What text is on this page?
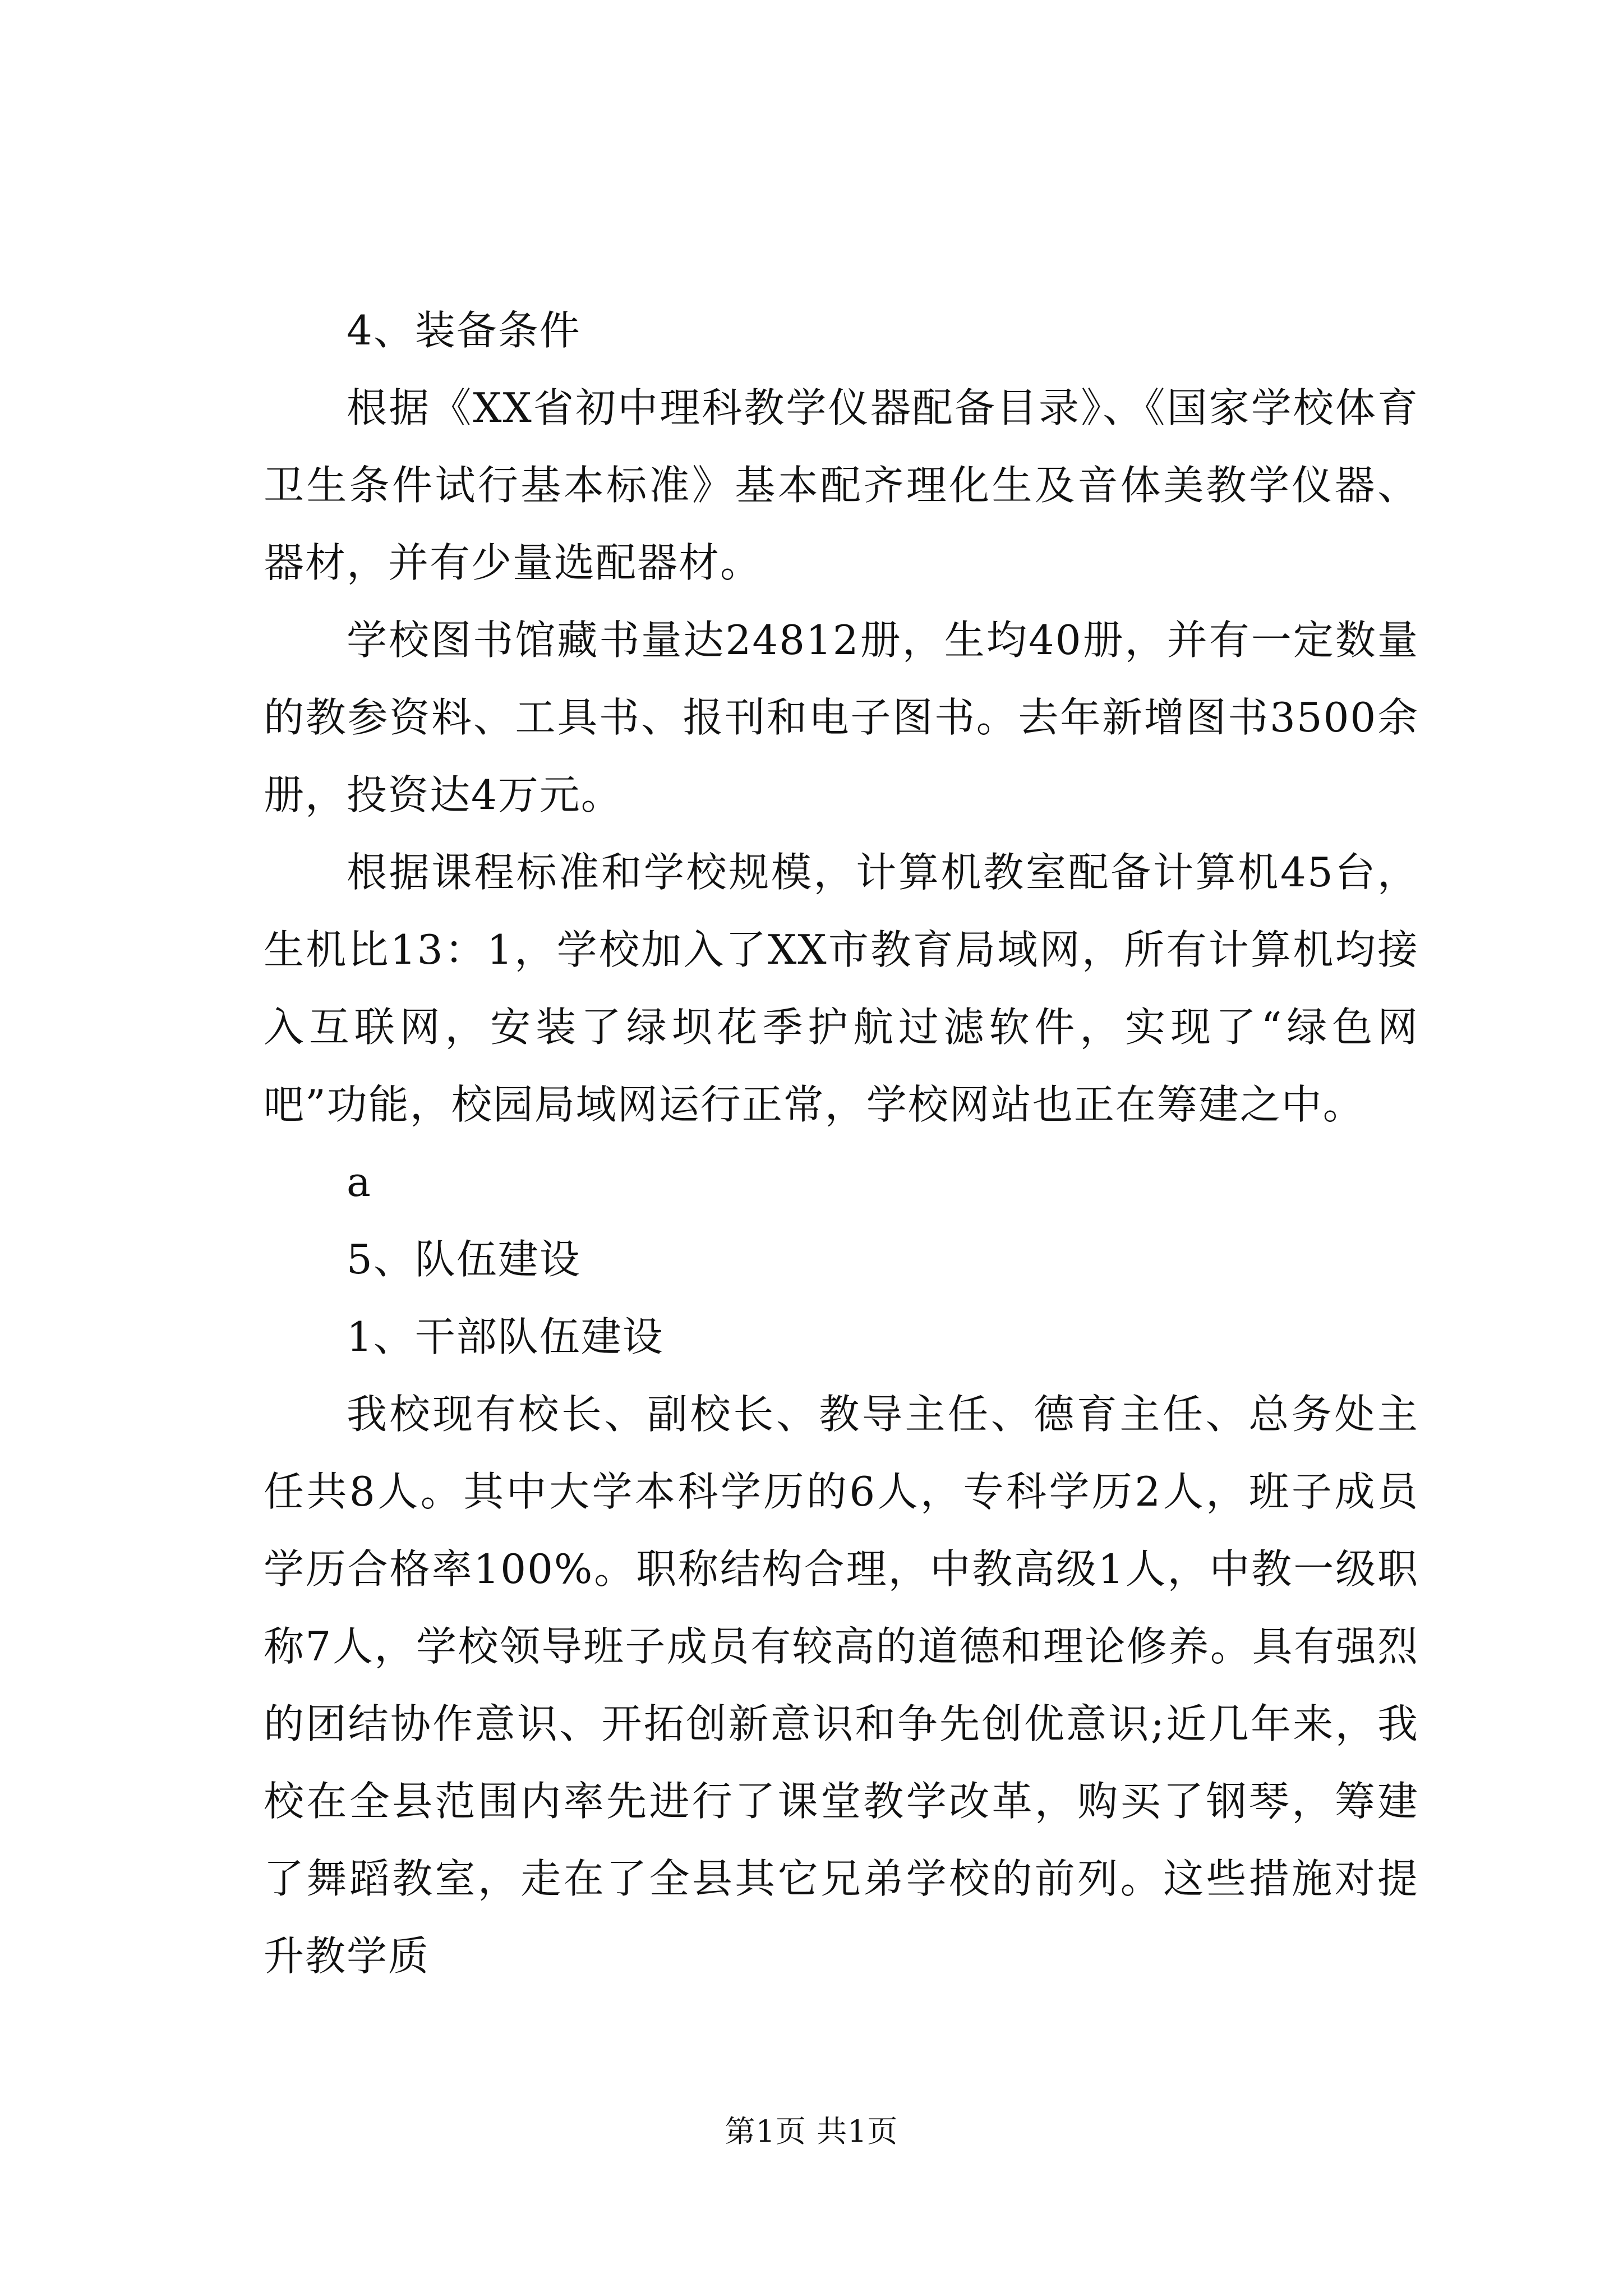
4、装备条件

根据《XX省初中理科教学仪器配备目录》、《国家学校体育卫生条件试行基本标准》基本配齐理化生及音体美教学仪器、器材，并有少量选配器材。

学校图书馆藏书量达24812册，生均40册，并有一定数量的教参资料、工具书、报刊和电子图书。去年新增图书3500余册，投资达4万元。

根据课程标准和学校规模，计算机教室配备计算机45台，生机比13：1，学校加入了XX市教育局域网，所有计算机均接入互联网，安装了绿坝花季护航过滤软件，实现了“绿色网吧”功能，校园局域网运行正常，学校网站也正在筹建之中。

a

5、队伍建设

1、干部队伍建设

我校现有校长、副校长、教导主任、德育主任、总务处主任共8人。其中大学本科学历的6人，专科学历2人，班子成员学历合格率100%。职称结构合理，中教高级1人，中教一级职称7人，学校领导班子成员有较高的道德和理论修养。具有强烈的团结协作意识、开拓创新意识和争先创优意识;近几年来，我校在全县范围内率先进行了课堂教学改革，购买了钢琴，筹建了舞蹈教室，走在了全县其它兄弟学校的前列。这些措施对提升教学质

第1页 共1页
